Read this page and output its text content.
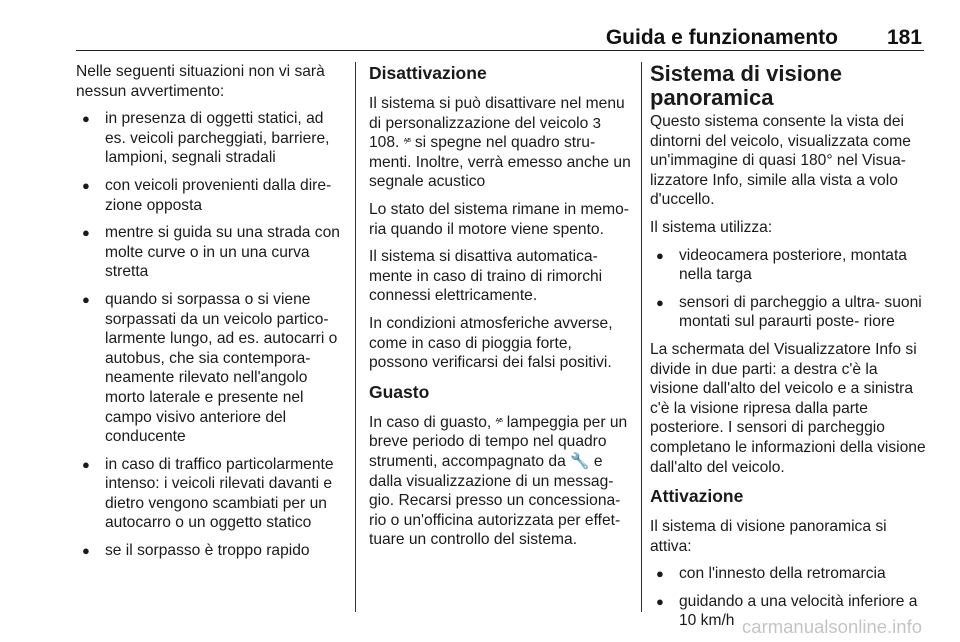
Guida e funzionamento 181

Nelle seguenti situazioni non vi sarà nessun avvertimento:

● in presenza di oggetti statici, ad es. veicoli parcheggiati, barriere, lampioni, segnali stradali
● con veicoli provenienti dalla dire- zione opposta
● mentre si guida su una strada con molte curve o in un una curva stretta
● quando si sorpassa o si viene sorpassati da un veicolo partico- larmente lungo, ad es. autocarri o autobus, che sia contempora- neamente rilevato nell'angolo morto laterale e presente nel campo visivo anteriore del conducente
● in caso di traffico particolarmente intenso: i veicoli rilevati davanti e dietro vengono scambiati per un autocarro o un oggetto statico
● se il sorpasso è troppo rapido
Disattivazione

Il sistema si può disattivare nel menu di personalizzazione del veicolo 3 108. ᴬ⁄ᴮ si spegne nel quadro stru- menti. Inoltre, verrà emesso anche un segnale acustico

Lo stato del sistema rimane in memo- ria quando il motore viene spento.

Il sistema si disattiva automatica- mente in caso di traino di rimorchi connessi elettricamente.

In condizioni atmosferiche avverse, come in caso di pioggia forte, possono verificarsi dei falsi positivi.

Guasto

In caso di guasto, ᴬ⁄ᴮ lampeggia per un breve periodo di tempo nel quadro strumenti, accompagnato da 🔧 e dalla visualizzazione di un messag- gio. Recarsi presso un concessiona- rio o un'officina autorizzata per effet- tuare un controllo del sistema.

Sistema di visione panoramica

Questo sistema consente la vista dei dintorni del veicolo, visualizzata come un'immagine di quasi 180° nel Visua- lizzatore Info, simile alla vista a volo d'uccello.

Il sistema utilizza:

● videocamera posteriore, montata nella targa
● sensori di parcheggio a ultra- suoni montati sul paraurti poste- riore

La schermata del Visualizzatore Info si divide in due parti: a destra c'è la visione dall'alto del veicolo e a sinistra c'è la visione ripresa dalla parte posteriore. I sensori di parcheggio completano le informazioni della visione dall'alto del veicolo.

Attivazione

Il sistema di visione panoramica si attiva:

● con l'innesto della retromarcia
● guidando a una velocità inferiore a 10 km/h carmanualsonline.info
